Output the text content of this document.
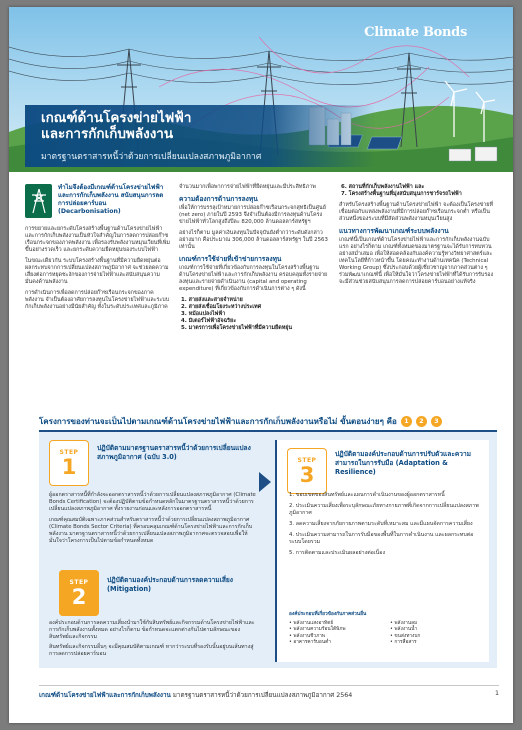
Climate Bonds
เกณฑ์ด้านโครงข่ายไฟฟ้า
และการกักเก็บพลังงาน
มาตรฐานตราสารหนี้ว่าด้วยการเปลี่ยนแปลงสภาพภูมิอากาศ
ทำไมจึงต้องมีเกณฑ์ด้านโครงข่ายไฟฟ้าและการกักเก็บพลังงาน สนับสนุนการลดการปล่อยคาร์บอน (Decarbonisation)

การขยายและยกระดับโครงสร้างพื้นฐานด้านโครงข่ายไฟฟ้าและการกักเก็บพลังงานเป็นหัวใจสำคัญในการลดการปล่อยก๊าซเรือนกระจกของภาคพลังงาน เพื่อรองรับพลังงานหมุนเวียนที่เพิ่มขึ้นอย่างรวดเร็ว และยกระดับความยืดหยุ่นของระบบไฟฟ้า

ในขณะเดียวกัน ระบบโครงสร้างพื้นฐานที่มีความยืดหยุ่นต่อผลกระทบจากการเปลี่ยนแปลงสภาพภูมิอากาศ จะช่วยลดความเสี่ยงต่อการหยุดชะงักของการจ่ายไฟฟ้าและสนับสนุนความมั่นคงด้านพลังงาน

การดำเนินการเพื่อลดการปล่อยก๊าซเรือนกระจกของภาคพลังงาน จำเป็นต้องอาศัยการลงทุนในโครงข่ายไฟฟ้าและระบบกักเก็บพลังงานอย่างมีนัยสำคัญ ทั้งในระดับประเทศและภูมิภาค

จำนวนมากเพื่อพาการจ่ายไฟฟ้าที่ยืดหยุ่นและมีประสิทธิภาพ

ความต้องการด้านการลงทุน

เพื่อให้การบรรลุเป้าหมายการปล่อยก๊าซเรือนกระจกสุทธิเป็นศูนย์ (net zero) ภายในปี 2593 จึงจำเป็นต้องมีการลงทุนด้านโครงข่ายไฟฟ้าทั่วโลกสูงถึงปีละ 820,000 ล้านดอลลาร์สหรัฐฯ

อย่างไรก็ตาม มูลค่าเงินลงทุนในปัจจุบันยังต่ำกว่าระดับดังกล่าวอย่างมาก คือประมาณ 306,000 ล้านดอลลาร์สหรัฐฯ ในปี 2563 เท่านั้น

เกณฑ์การใช้จ่ายที่เข้าข่ายการลงทุน

เกณฑ์การใช้จ่ายที่เกี่ยวข้องกับการลงทุนในโครงสร้างพื้นฐานด้านโครงข่ายไฟฟ้าและการกักเก็บพลังงาน ครอบคลุมทั้งรายจ่ายลงทุนและรายจ่ายดำเนินงาน (capital and operating expenditure) ที่เกี่ยวข้องกับการดำเนินการต่าง ๆ ดังนี้

1. สายส่งและสายจำหน่าย
2. สายส่งเชื่อมโยงระหว่างประเทศ
3. หม้อแปลงไฟฟ้า
4. มิเตอร์ไฟฟ้าอัจฉริยะ
5. มาตรการเพื่อโครงข่ายไฟฟ้าที่มีความยืดหยุ่น
6. สถานที่กักเก็บพลังงานไฟฟ้า และ
7. โครงสร้างพื้นฐานที่มุ่งสนับสนุนการชาร์จรถไฟฟ้า

สำหรับโครงสร้างพื้นฐานด้านโครงข่ายไฟฟ้า จะต้องเป็นโครงข่ายที่เชื่อมต่อกับแหล่งพลังงานที่มีการปล่อยก๊าซเรือนกระจกต่ำ หรือเป็นส่วนหนึ่งของระบบที่มีสัดส่วนพลังงานหมุนเวียนสูง

แนวทางการพัฒนาเกณฑ์ระบบพลังงาน

เกณฑ์นี้เป็นเกณฑ์ด้านโครงข่ายไฟฟ้าและการกักเก็บพลังงานฉบับแรก อย่างไรก็ตาม เกณฑ์ทั้งหมดของมาตรฐานจะได้รับการทบทวนอย่างสม่ำเสมอ เพื่อให้สอดคล้องกับองค์ความรู้ทางวิทยาศาสตร์และเทคโนโลยีที่ก้าวหน้าขึ้น โดยคณะทำงานด้านเทคนิค (Technical Working Group) ซึ่งประกอบด้วยผู้เชี่ยวชาญจากภาคส่วนต่าง ๆ ร่วมพัฒนาเกณฑ์นี้ เพื่อให้มั่นใจว่าโครงข่ายไฟฟ้าที่ได้รับการรับรองจะมีส่วนช่วยสนับสนุนการลดการปล่อยคาร์บอนอย่างแท้จริง

โครงการของท่านจะเป็นไปตามเกณฑ์ด้านโครงข่ายไฟฟ้าและการกักเก็บพลังงานหรือไม่ ขั้นตอนง่ายๆ คือ	1	2	3
STEP
1
ปฏิบัติตามมาตรฐานตราสารหนี้ว่าด้วยการเปลี่ยนแปลงสภาพภูมิอากาศ (ฉบับ 3.0)

ผู้ออกตราสารหนี้ที่กำลังจะออกตราสารหนี้ว่าด้วยการเปลี่ยนแปลงสภาพภูมิอากาศ (Climate Bonds Certification) จะต้องปฏิบัติตามข้อกำหนดหลักในมาตรฐานตราสารหนี้ว่าด้วยการเปลี่ยนแปลงสภาพภูมิอากาศ ทั้งรายงานก่อนและหลังการออกตราสารหนี้

เกณฑ์คุณสมบัติเฉพาะภาคส่วนสำหรับตราสารหนี้ว่าด้วยการเปลี่ยนแปลงสภาพภูมิอากาศ (Climate Bonds Sector Criteria) ที่ครอบคลุมเกณฑ์ด้านโครงข่ายไฟฟ้าและการกักเก็บพลังงาน มาตรฐานตราสารหนี้ว่าด้วยการเปลี่ยนแปลงสภาพภูมิอากาศจะตรวจสอบเพื่อให้มั่นใจว่าโครงการเป็นไปตามข้อกำหนดทั้งหมด

STEP
2
ปฏิบัติตามองค์ประกอบด้านการลดความเสี่ยง (Mitigation)

องค์ประกอบด้านการลดความเสี่ยงนำมาใช้กับสินทรัพย์และกิจกรรมด้านโครงข่ายไฟฟ้าและการกักเก็บพลังงานทั้งหมด อย่างไรก็ตาม ข้อกำหนดจะแตกต่างกันไปตามลักษณะของสินทรัพย์และกิจกรรม

สินทรัพย์และกิจกรรมอื่นๆ จะมีคุณสมบัติตามเกณฑ์ หากว่าระบบที่รองรับนั้นอยู่บนเส้นทางสู่การลดการปล่อยคาร์บอน

STEP
3
ปฏิบัติตามองค์ประกอบด้านการปรับตัวและความสามารถในการรับมือ (Adaptation & Resilience)
1. ขอบเขตของสินทรัพย์และแผนการดำเนินงานของผู้ออกตราสารหนี้
2. ประเมินความเสี่ยงเพื่อระบุลักษณะภัยทางกายภาพที่เกิดจากการเปลี่ยนแปลงสภาพภูมิอากาศ
3. ลดความเสี่ยงจากภัยกายภาพตามระดับที่เหมาะสม และมีแผนจัดการความเสี่ยง
4. ประเมินความสามารถในการรับมือของพื้นที่ในการดำเนินงาน และผลกระทบต่อระบบโดยรวม
5. การติดตามและประเมินผลอย่างต่อเนื่อง
องค์ประกอบที่เกี่ยวข้องกับภาคส่วนอื่น
• พลังงานแสงอาทิตย์	• พลังงานลม
• พลังงานความร้อนใต้พิภพ	• พลังงานน้ำ
• พลังงานชีวภาพ	• ขนส่งทางบก
• อาคารคาร์บอนต่ำ	• การสื่อสาร
เกณฑ์ด้านโครงข่ายไฟฟ้าและการกักเก็บพลังงาน มาตรฐานตราสารหนี้ว่าด้วยการเปลี่ยนแปลงสภาพภูมิอากาศ 2564	1
